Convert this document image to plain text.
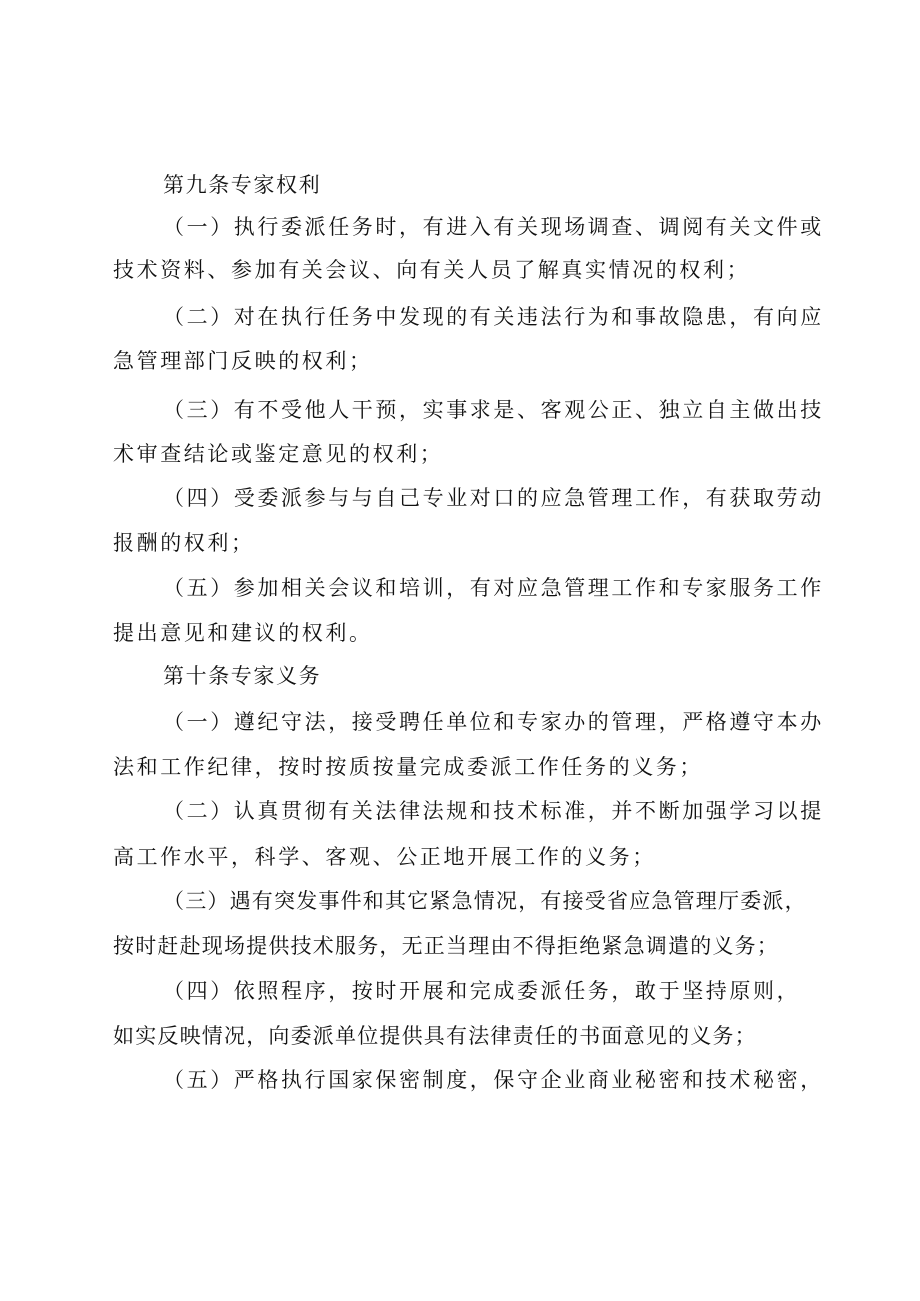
第九条专家权利

（一）执行委派任务时，有进入有关现场调查、调阅有关文件或

技术资料、参加有关会议、向有关人员了解真实情况的权利；

（二）对在执行任务中发现的有关违法行为和事故隐患，有向应

急管理部门反映的权利；

（三）有不受他人干预，实事求是、客观公正、独立自主做出技

术审查结论或鉴定意见的权利；

（四）受委派参与与自己专业对口的应急管理工作，有获取劳动

报酬的权利；

（五）参加相关会议和培训，有对应急管理工作和专家服务工作

提出意见和建议的权利。

第十条专家义务

（一）遵纪守法，接受聘任单位和专家办的管理，严格遵守本办

法和工作纪律，按时按质按量完成委派工作任务的义务；

（二）认真贯彻有关法律法规和技术标准，并不断加强学习以提

高工作水平，科学、客观、公正地开展工作的义务；

（三）遇有突发事件和其它紧急情况，有接受省应急管理厅委派，

按时赶赴现场提供技术服务，无正当理由不得拒绝紧急调遣的义务；

（四）依照程序，按时开展和完成委派任务，敢于坚持原则，

如实反映情况，向委派单位提供具有法律责任的书面意见的义务；

（五）严格执行国家保密制度，保守企业商业秘密和技术秘密，
